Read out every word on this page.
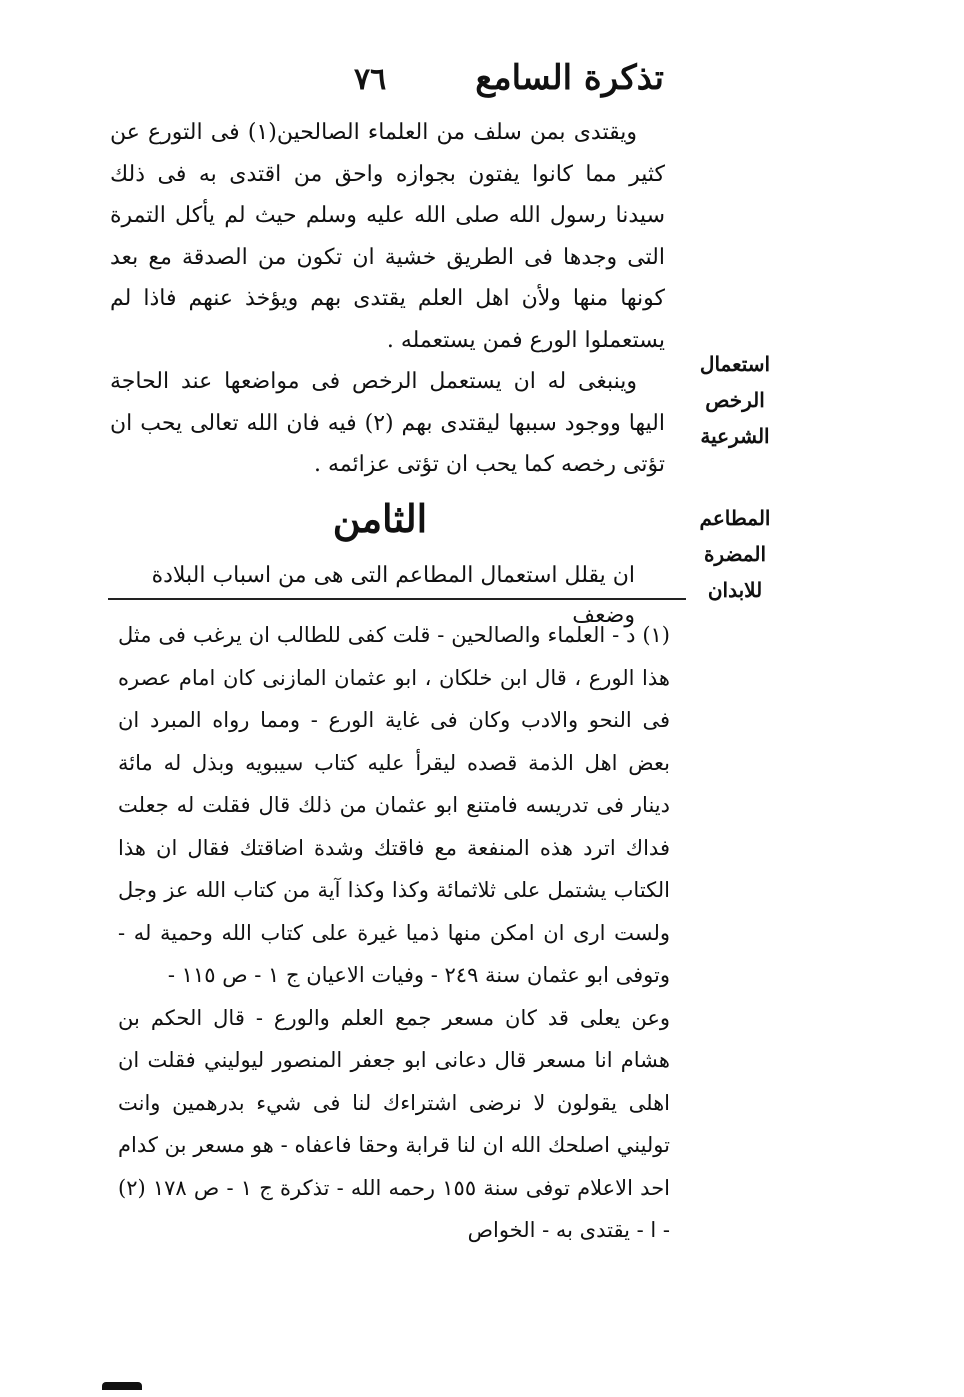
تذكرة السامع
٧٦

ويقتدى بمن سلف من العلماء الصالحين(١) فى التورع عن كثير مما كانوا يفتون بجوازه واحق من اقتدى به فى ذلك سيدنا رسول الله صلى الله عليه وسلم حيث لم يأكل التمرة التى وجدها فى الطريق خشية ان تكون من الصدقة مع بعد كونها منها ولأن اهل العلم يقتدى بهم ويؤخذ عنهم فاذا لم يستعملوا الورع فمن يستعمله .

وينبغى له ان يستعمل الرخص فى مواضعها عند الحاجة اليها ووجود سببها ليقتدى بهم (٢) فيه فان الله تعالى يحب ان تؤتى رخصه كما يحب ان تؤتى عزائمه .

استعمال الرخص الشرعية
المطاعم المضرة للابدان
الثامن
ان يقلل استعمال المطاعم التى هى من اسباب البلادة وضعف

(١) د - العلماء والصالحين - قلت كفى للطالب ان يرغب فى مثل هذا الورع ، قال ابن خلكان ، ابو عثمان المازنى كان امام عصره فى النحو والادب وكان فى غاية الورع - ومما رواه المبرد ان بعض اهل الذمة قصده ليقرأ عليه كتاب سيبويه وبذل له مائة دينار فى تدريسه فامتنع ابو عثمان من ذلك قال فقلت له جعلت فداك اترد هذه المنفعة مع فاقتك وشدة اضاقتك فقال ان هذا الكتاب يشتمل على ثلاثمائة وكذا وكذا آية من كتاب الله عز وجل ولست ارى ان امكن منها ذميا غيرة على كتاب الله وحمية له - وتوفى ابو عثمان سنة ٢٤٩ - وفيات الاعيان ج ١ - ص ١١٥ -

وعن يعلى قد كان مسعر جمع العلم والورع - قال الحكم بن هشام انا مسعر قال دعانى ابو جعفر المنصور ليوليني فقلت ان اهلى يقولون لا نرضى اشتراءك لنا فى شيء بدرهمين وانت توليني اصلحك الله ان لنا قرابة وحقا فاعفاه - هو مسعر بن كدام احد الاعلام توفى سنة ١٥٥ رحمه الله - تذكرة ج ١ - ص ١٧٨ (٢) - ا - يقتدى به - الخواص
